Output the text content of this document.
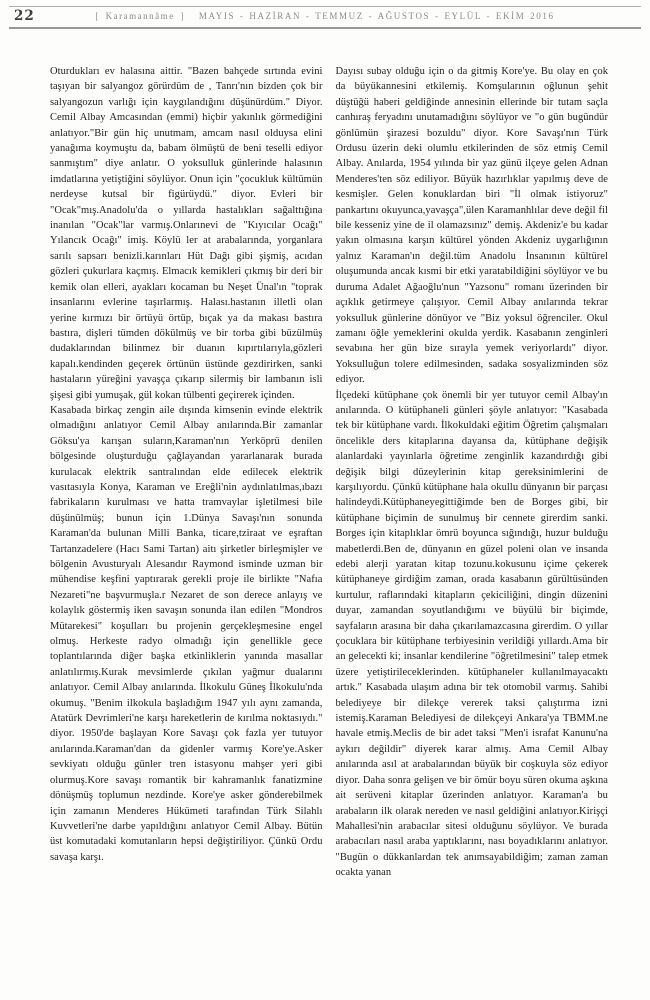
22	[ Karamannâme ] MAYIS - HAZİRAN - TEMMUZ - AĞUSTOS - EYLÜL - EKİM 2016

Oturdukları ev halasına aittir. "Bazen bahçede sırtında evini taşıyan bir salyangoz görürdüm de , Tanrı'nın bizden çok bir salyangozun varlığı için kaygılandığını düşünürdüm." Diyor. Cemil Albay Amcasından (emmi) hiçbir yakınlık görmediğini anlatıyor."Bir gün hiç unutmam, amcam nasıl olduysa elini yanağıma koymuştu da, babam ölmüştü de beni teselli ediyor sanmıştım" diye anlatır. O yoksulluk günlerinde halasının imdatlarına yetiştiğini söylüyor. Onun için "çocukluk kültümün nerdeyse kutsal bir figürüydü." diyor. Evleri bir "Ocak"mış.Anadolu'da o yıllarda hastalıkları sağalttığına inanılan "Ocak"lar varmış.Onlarınevi de "Kıyıcılar Ocağı" Yılancık Ocağı" imiş. Köylü ler at arabalarında, yorganlara sarılı sapsarı benizli.karınları Hüt Dağı gibi şişmiş, acıdan gözleri çukurlara kaçmış. Elmacık kemikleri çıkmış bir deri bir kemik olan elleri, ayakları kocaman bu Neşet Ünal'ın "toprak insanlarını evlerine taşırlarmış. Halası.hastanın illetli olan yerine kırmızı bir örtüyü örtüp, bıçak ya da makası bastıra bastıra, dişleri tümden dökülmüş ve bir torba gibi büzülmüş dudaklarından bilinmez bir duanın kıpırtılarıyla,gözleri kapalı.kendinden geçerek örtünün üstünde gezdirirken, sanki hastaların yüreğini yavaşça çıkarıp silermiş bir lambanın isli şişesi gibi yumuşak, gül kokan tülbenti geçirerek içinden.

Kasabada birkaç zengin aile dışında kimsenin evinde elektrik olmadığını anlatıyor Cemil Albay anılarında.Bir zamanlar Göksu'ya karışan suların,Karaman'nın Yerköprü denilen bölgesinde oluşturduğu çağlayandan yararlanarak burada kurulacak elektrik santralından elde edilecek elektrik vasıtasıyla Konya, Karaman ve Ereğli'nin aydınlatılmas,ıbazı fabrikaların kurulması ve hatta tramvaylar işletilmesi bile düşünülmüş; bunun için 1.Dünya Savaşı'nın sonunda Karaman'da bulunan Milli Banka, ticare,tziraat ve eşraftan Tartanzadelere (Hacı Sami Tartan) aitı şirketler birleşmişler ve bölgenin Avusturyalı Alesandır Raymond isminde uzman bir mühendise keşfini yaptırarak gerekli proje ile birlikte "Nafıa Nezareti"ne başvurmuşla.r Nezaret de son derece anlayış ve kolaylık göstermiş iken savaşın sonunda ilan edilen "Mondros Mütarekesi" koşulları bu projenin gerçekleşmesine engel olmuş. Herkeste radyo olmadığı için genellikle gece toplantılarında diğer başka etkinliklerin yanında masallar anlatılırmış.Kurak mevsimlerde çıkılan yağmur dualarını anlatıyor. Cemil Albay anılarında. İlkokulu Güneş İlkokulu'nda okumuş. "Benim ilkokula başladığım 1947 yılı aynı zamanda, Atatürk Devrimleri'ne karşı hareketlerin de kırılma noktasıydı." diyor. 1950'de başlayan Kore Savaşı çok fazla yer tutuyor anılarında.Karaman'dan da gidenler varmış Kore'ye.Asker sevkiyatı olduğu günler tren istasyonu mahşer yeri gibi olurmuş.Kore savaşı romantik bir kahramanlık fanatizmine dönüşmüş toplumun nezdinde. Kore'ye asker gönderebilmek için zamanın Menderes Hükümeti tarafından Türk Silahlı Kuvvetleri'ne darbe yapıldığını anlatıyor Cemil Albay. Bütün üst komutadaki komutanların hepsi değiştiriliyor. Çünkü Ordu savaşa karşı.

Dayısı subay olduğu için o da gitmiş Kore'ye. Bu olay en çok da büyükannesini etkilemiş. Komşularının oğlunun şehit düştüğü haberi geldiğinde annesinin ellerinde bir tutam saçla canhıraş feryadını unutamadığını söylüyor ve "o gün bugündür gönlümün şirazesi bozuldu" diyor. Kore Savaşı'nın Türk Ordusu üzerin deki olumlu etkilerinden de söz etmiş Cemil Albay. Anılarda, 1954 yılında bir yaz günü ilçeye gelen Adnan Menderes'ten söz ediliyor. Büyük hazırlıklar yapılmış deve de kesmişler. Gelen konuklardan biri "İl olmak istiyoruz" pankartını okuyunca,yavaşça",ülen Karamanhlılar deve değil fil bile kesseniz yine de il olamazsınız" demiş. Akdeniz'e bu kadar yakın olmasına karşın kültürel yönden Akdeniz uygarlığının yalnız Karaman'ın değil.tüm Anadolu İnsanının kültürel oluşumunda ancak kısmi bir etki yaratabildiğini söylüyor ve bu duruma Adalet Ağaoğlu'nun "Yazsonu" romanı üzerinden bir açıklık getirmeye çalışıyor. Cemil Albay anılarında tekrar yoksulluk günlerine dönüyor ve "Biz yoksul öğrenciler. Okul zamanı öğle yemeklerini okulda yerdik. Kasabanın zenginleri sevabına her gün bize sırayla yemek veriyorlardı" diyor. Yoksulluğun tolere edilmesinden, sadaka sosyalizminden söz ediyor.

İlçedeki kütüphane çok önemli bir yer tutuyor cemil Albay'ın anılarında. O kütüphaneli günleri şöyle anlatıyor: "Kasabada tek bir kütüphane vardı. İlkokuldaki eğitim Öğretim çalışmaları öncelikle ders kitaplarına dayansa da, kütüphane değişik alanlardaki yayınlarla öğretime zenginlik kazandırdığı gibi değişik bilgi düzeylerinin kitap gereksinimlerini de karşılıyordu. Çünkü kütüphane hala okullu dünyanın bir parçası halindeydi.Kütüphaneyegittiğimde ben de Borges gibi, bir kütüphane biçimin de sunulmuş bir cennete girerdim sanki. Borges için kitaplıklar ömrü boyunca sığındığı, huzur bulduğu mabetlerdi.Ben de, dünyanın en güzel poleni olan ve insanda edebi alerji yaratan kitap tozunu.kokusunu içime çekerek kütüphaneye girdiğim zaman, orada kasabanın gürültüsünden kurtulur, raflarındaki kitapların çekiciliğini, dingin düzenini duyar, zamandan soyutlandığımı ve büyülü bir biçimde, sayfaların arasına bir daha çıkarılamazcasına girerdim. O yıllar çocuklara bir kütüphane terbiyesinin verildiği yıllardı.Ama bir an gelecekti ki; insanlar kendilerine "öğretilmesini" talep etmek üzere yetiştirileceklerinden. kütüphaneler kullanılmayacaktı artık." Kasabada ulaşım adına bir tek otomobil varmış. Sahibi belediyeye bir dilekçe vererek taksi çalıştırma izni istemiş.Karaman Belediyesi de dilekçeyi Ankara'ya TBMM.ne havale etmiş.Meclis de bir adet taksi "Men'i israfat Kanunu'na aykırı değildir" diyerek karar almış. Ama Cemil Albay anılarında asıl at arabalarından büyük bir coşkuyla söz ediyor diyor. Daha sonra gelişen ve bir ömür boyu süren okuma aşkına ait serüveni kitaplar üzerinden anlatıyor. Karaman'a bu arabaların ilk olarak nereden ve nasıl geldiğini anlatıyor.Kirişçi Mahallesi'nin arabacılar sitesi olduğunu söylüyor. Ve burada arabacıları nasıl araba yaptıklarını, nası boyadıklarını anlatıyor. "Bugün o dükkanlardan tek anımsayabildiğim; zaman zaman ocakta yanan
